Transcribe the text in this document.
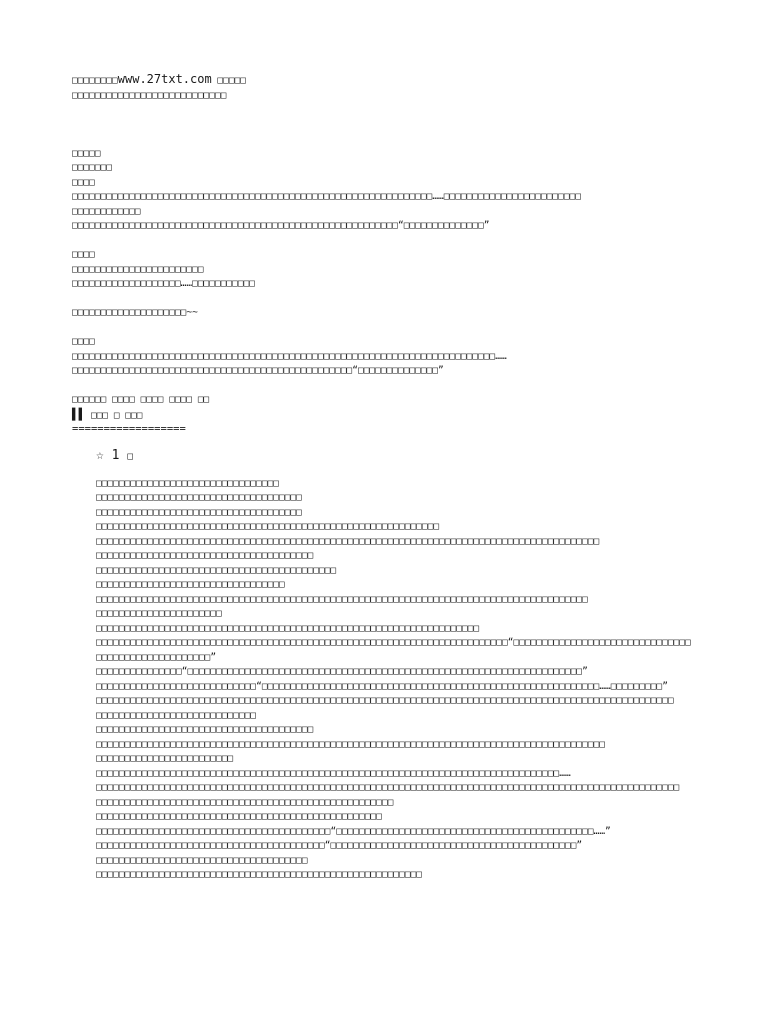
□□□□□□□□www.27txt.com □□□□□
□□□□□□□□□□□□□□□□□□□□□□□□□□□
□□□□□
□□□□□□□
□□□□
□□□□□□□□□□□□□□□□□□□□□□□□□□□□□□□□□□□□□□□□□□□□□□□□□□□□□□□□□□□□□□□……□□□□□□□□□□□□□□□□□□□□□□□□
□□□□□□□□□□□□
□□□□□□□□□□□□□□□□□□□□□□□□□□□□□□□□□□□□□□□□□□□□□□□□□□□□□□□□□“□□□□□□□□□□□□□□”
□□□□
□□□□□□□□□□□□□□□□□□□□□□□
□□□□□□□□□□□□□□□□□□□……□□□□□□□□□□□
□□□□□□□□□□□□□□□□□□□□~~
□□□□
□□□□□□□□□□□□□□□□□□□□□□□□□□□□□□□□□□□□□□□□□□□□□□□□□□□□□□□□□□□□□□□□□□□□□□□□□□……
□□□□□□□□□□□□□□□□□□□□□□□□□□□□□□□□□□□□□□□□□□□□□□□□□“□□□□□□□□□□□□□□”
□□□□□□ □□□□ □□□□ □□□□ □□
▌▌ □□□ □ □□□
==================
☆ 1 □
□□□□□□□□□□□□□□□□□□□□□□□□□□□□□□□□
□□□□□□□□□□□□□□□□□□□□□□□□□□□□□□□□□□□□
□□□□□□□□□□□□□□□□□□□□□□□□□□□□□□□□□□□□
□□□□□□□□□□□□□□□□□□□□□□□□□□□□□□□□□□□□□□□□□□□□□□□□□□□□□□□□□□□□
□□□□□□□□□□□□□□□□□□□□□□□□□□□□□□□□□□□□□□□□□□□□□□□□□□□□□□□□□□□□□□□□□□□□□□□□□□□□□□□□□□□□□□□□
□□□□□□□□□□□□□□□□□□□□□□□□□□□□□□□□□□□□□□
□□□□□□□□□□□□□□□□□□□□□□□□□□□□□□□□□□□□□□□□□□
□□□□□□□□□□□□□□□□□□□□□□□□□□□□□□□□□
□□□□□□□□□□□□□□□□□□□□□□□□□□□□□□□□□□□□□□□□□□□□□□□□□□□□□□□□□□□□□□□□□□□□□□□□□□□□□□□□□□□□□□
□□□□□□□□□□□□□□□□□□□□□□
□□□□□□□□□□□□□□□□□□□□□□□□□□□□□□□□□□□□□□□□□□□□□□□□□□□□□□□□□□□□□□□□□□□
□□□□□□□□□□□□□□□□□□□□□□□□□□□□□□□□□□□□□□□□□□□□□□□□□□□□□□□□□□□□□□□□□□□□□□□□“□□□□□□□□□□□□□□□□□□□□□□□□□□□□□□□□□□□□□□□□□□□□□□□□□□□”
□□□□□□□□□□□□□□□“□□□□□□□□□□□□□□□□□□□□□□□□□□□□□□□□□□□□□□□□□□□□□□□□□□□□□□□□□□□□□□□□□□□□□”
□□□□□□□□□□□□□□□□□□□□□□□□□□□□“□□□□□□□□□□□□□□□□□□□□□□□□□□□□□□□□□□□□□□□□□□□□□□□□□□□□□□□□□□□……□□□□□□□□□”
□□□□□□□□□□□□□□□□□□□□□□□□□□□□□□□□□□□□□□□□□□□□□□□□□□□□□□□□□□□□□□□□□□□□□□□□□□□□□□□□□□□□□□□□□□□□□□□□□□□□□
□□□□□□□□□□□□□□□□□□□□□□□□□□□□
□□□□□□□□□□□□□□□□□□□□□□□□□□□□□□□□□□□□□□
□□□□□□□□□□□□□□□□□□□□□□□□□□□□□□□□□□□□□□□□□□□□□□□□□□□□□□□□□□□□□□□□□□□□□□□□□□□□□□□□□□□□□□□□□
□□□□□□□□□□□□□□□□□□□□□□□□
□□□□□□□□□□□□□□□□□□□□□□□□□□□□□□□□□□□□□□□□□□□□□□□□□□□□□□□□□□□□□□□□□□□□□□□□□□□□□□□□□……
□□□□□□□□□□□□□□□□□□□□□□□□□□□□□□□□□□□□□□□□□□□□□□□□□□□□□□□□□□□□□□□□□□□□□□□□□□□□□□□□□□□□□□□□□□□□□□□□□□□□□□
□□□□□□□□□□□□□□□□□□□□□□□□□□□□□□□□□□□□□□□□□□□□□□□□□□□□
□□□□□□□□□□□□□□□□□□□□□□□□□□□□□□□□□□□□□□□□□□□□□□□□□□
□□□□□□□□□□□□□□□□□□□□□□□□□□□□□□□□□□□□□□□□□“□□□□□□□□□□□□□□□□□□□□□□□□□□□□□□□□□□□□□□□□□□□□□……”
□□□□□□□□□□□□□□□□□□□□□□□□□□□□□□□□□□□□□□□□“□□□□□□□□□□□□□□□□□□□□□□□□□□□□□□□□□□□□□□□□□□□”
□□□□□□□□□□□□□□□□□□□□□□□□□□□□□□□□□□□□□
□□□□□□□□□□□□□□□□□□□□□□□□□□□□□□□□□□□□□□□□□□□□□□□□□□□□□□□□□
